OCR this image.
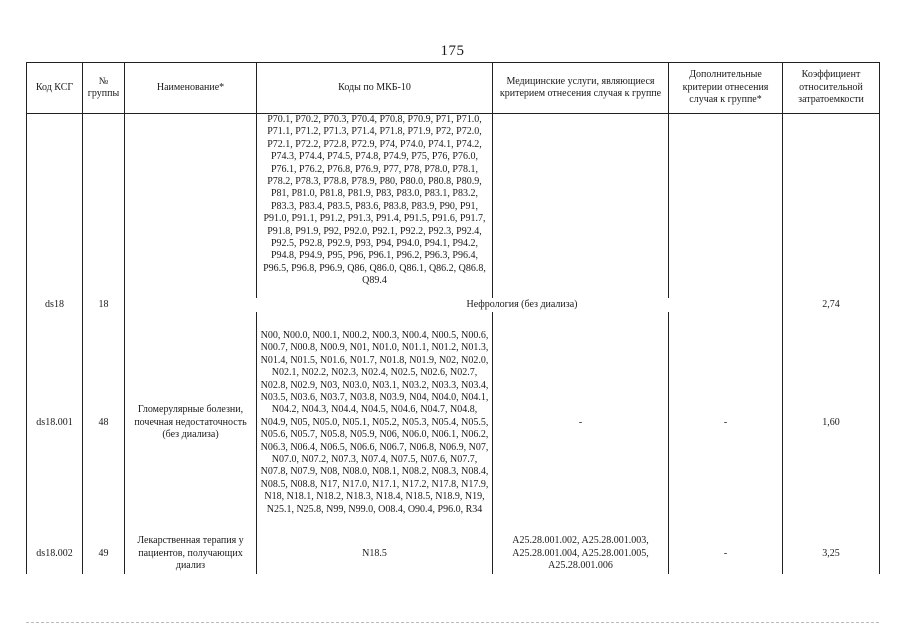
175
Код КСГ	№ группы	Наименование*	Коды по МКБ-10	Медицинские услуги, являющиеся критерием отнесения случая к группе	Дополнительные критерии отнесения случая к группе*	Коэффициент относительной затратоемкости

			P70.1, P70.2, P70.3, P70.4, P70.8, P70.9, P71, P71.0, P71.1, P71.2, P71.3, P71.4, P71.8, P71.9, P72, P72.0, P72.1, P72.2, P72.8, P72.9, P74, P74.0, P74.1, P74.2, P74.3, P74.4, P74.5, P74.8, P74.9, P75, P76, P76.0, P76.1, P76.2, P76.8, P76.9, P77, P78, P78.0, P78.1, P78.2, P78.3, P78.8, P78.9, P80, P80.0, P80.8, P80.9, P81, P81.0, P81.8, P81.9, P83, P83.0, P83.1, P83.2, P83.3, P83.4, P83.5, P83.6, P83.8, P83.9, P90, P91, P91.0, P91.1, P91.2, P91.3, P91.4, P91.5, P91.6, P91.7, P91.8, P91.9, P92, P92.0, P92.1, P92.2, P92.3, P92.4, P92.5, P92.8, P92.9, P93, P94, P94.0, P94.1, P94.2, P94.8, P94.9, P95, P96, P96.1, P96.2, P96.3, P96.4, P96.5, P96.8, P96.9, Q86, Q86.0, Q86.1, Q86.2, Q86.8, Q89.4			

ds18	18	Нефрология (без диализа)				2,74
ds18.001	48	Гломерулярные болезни, почечная недостаточность (без диализа)	N00, N00.0, N00.1, N00.2, N00.3, N00.4, N00.5, N00.6, N00.7, N00.8, N00.9, N01, N01.0, N01.1, N01.2, N01.3, N01.4, N01.5, N01.6, N01.7, N01.8, N01.9, N02, N02.0, N02.1, N02.2, N02.3, N02.4, N02.5, N02.6, N02.7, N02.8, N02.9, N03, N03.0, N03.1, N03.2, N03.3, N03.4, N03.5, N03.6, N03.7, N03.8, N03.9, N04, N04.0, N04.1, N04.2, N04.3, N04.4, N04.5, N04.6, N04.7, N04.8, N04.9, N05, N05.0, N05.1, N05.2, N05.3, N05.4, N05.5, N05.6, N05.7, N05.8, N05.9, N06, N06.0, N06.1, N06.2, N06.3, N06.4, N06.5, N06.6, N06.7, N06.8, N06.9, N07, N07.0, N07.2, N07.3, N07.4, N07.5, N07.6, N07.7, N07.8, N07.9, N08, N08.0, N08.1, N08.2, N08.3, N08.4, N08.5, N08.8, N17, N17.0, N17.1, N17.2, N17.8, N17.9, N18, N18.1, N18.2, N18.3, N18.4, N18.5, N18.9, N19, N25.1, N25.8, N99, N99.0, O08.4, O90.4, P96.0, R34	-	-	1,60
ds18.002	49	Лекарственная терапия у пациентов, получающих диализ	N18.5	A25.28.001.002, A25.28.001.003, A25.28.001.004, A25.28.001.005, A25.28.001.006	-	3,25
